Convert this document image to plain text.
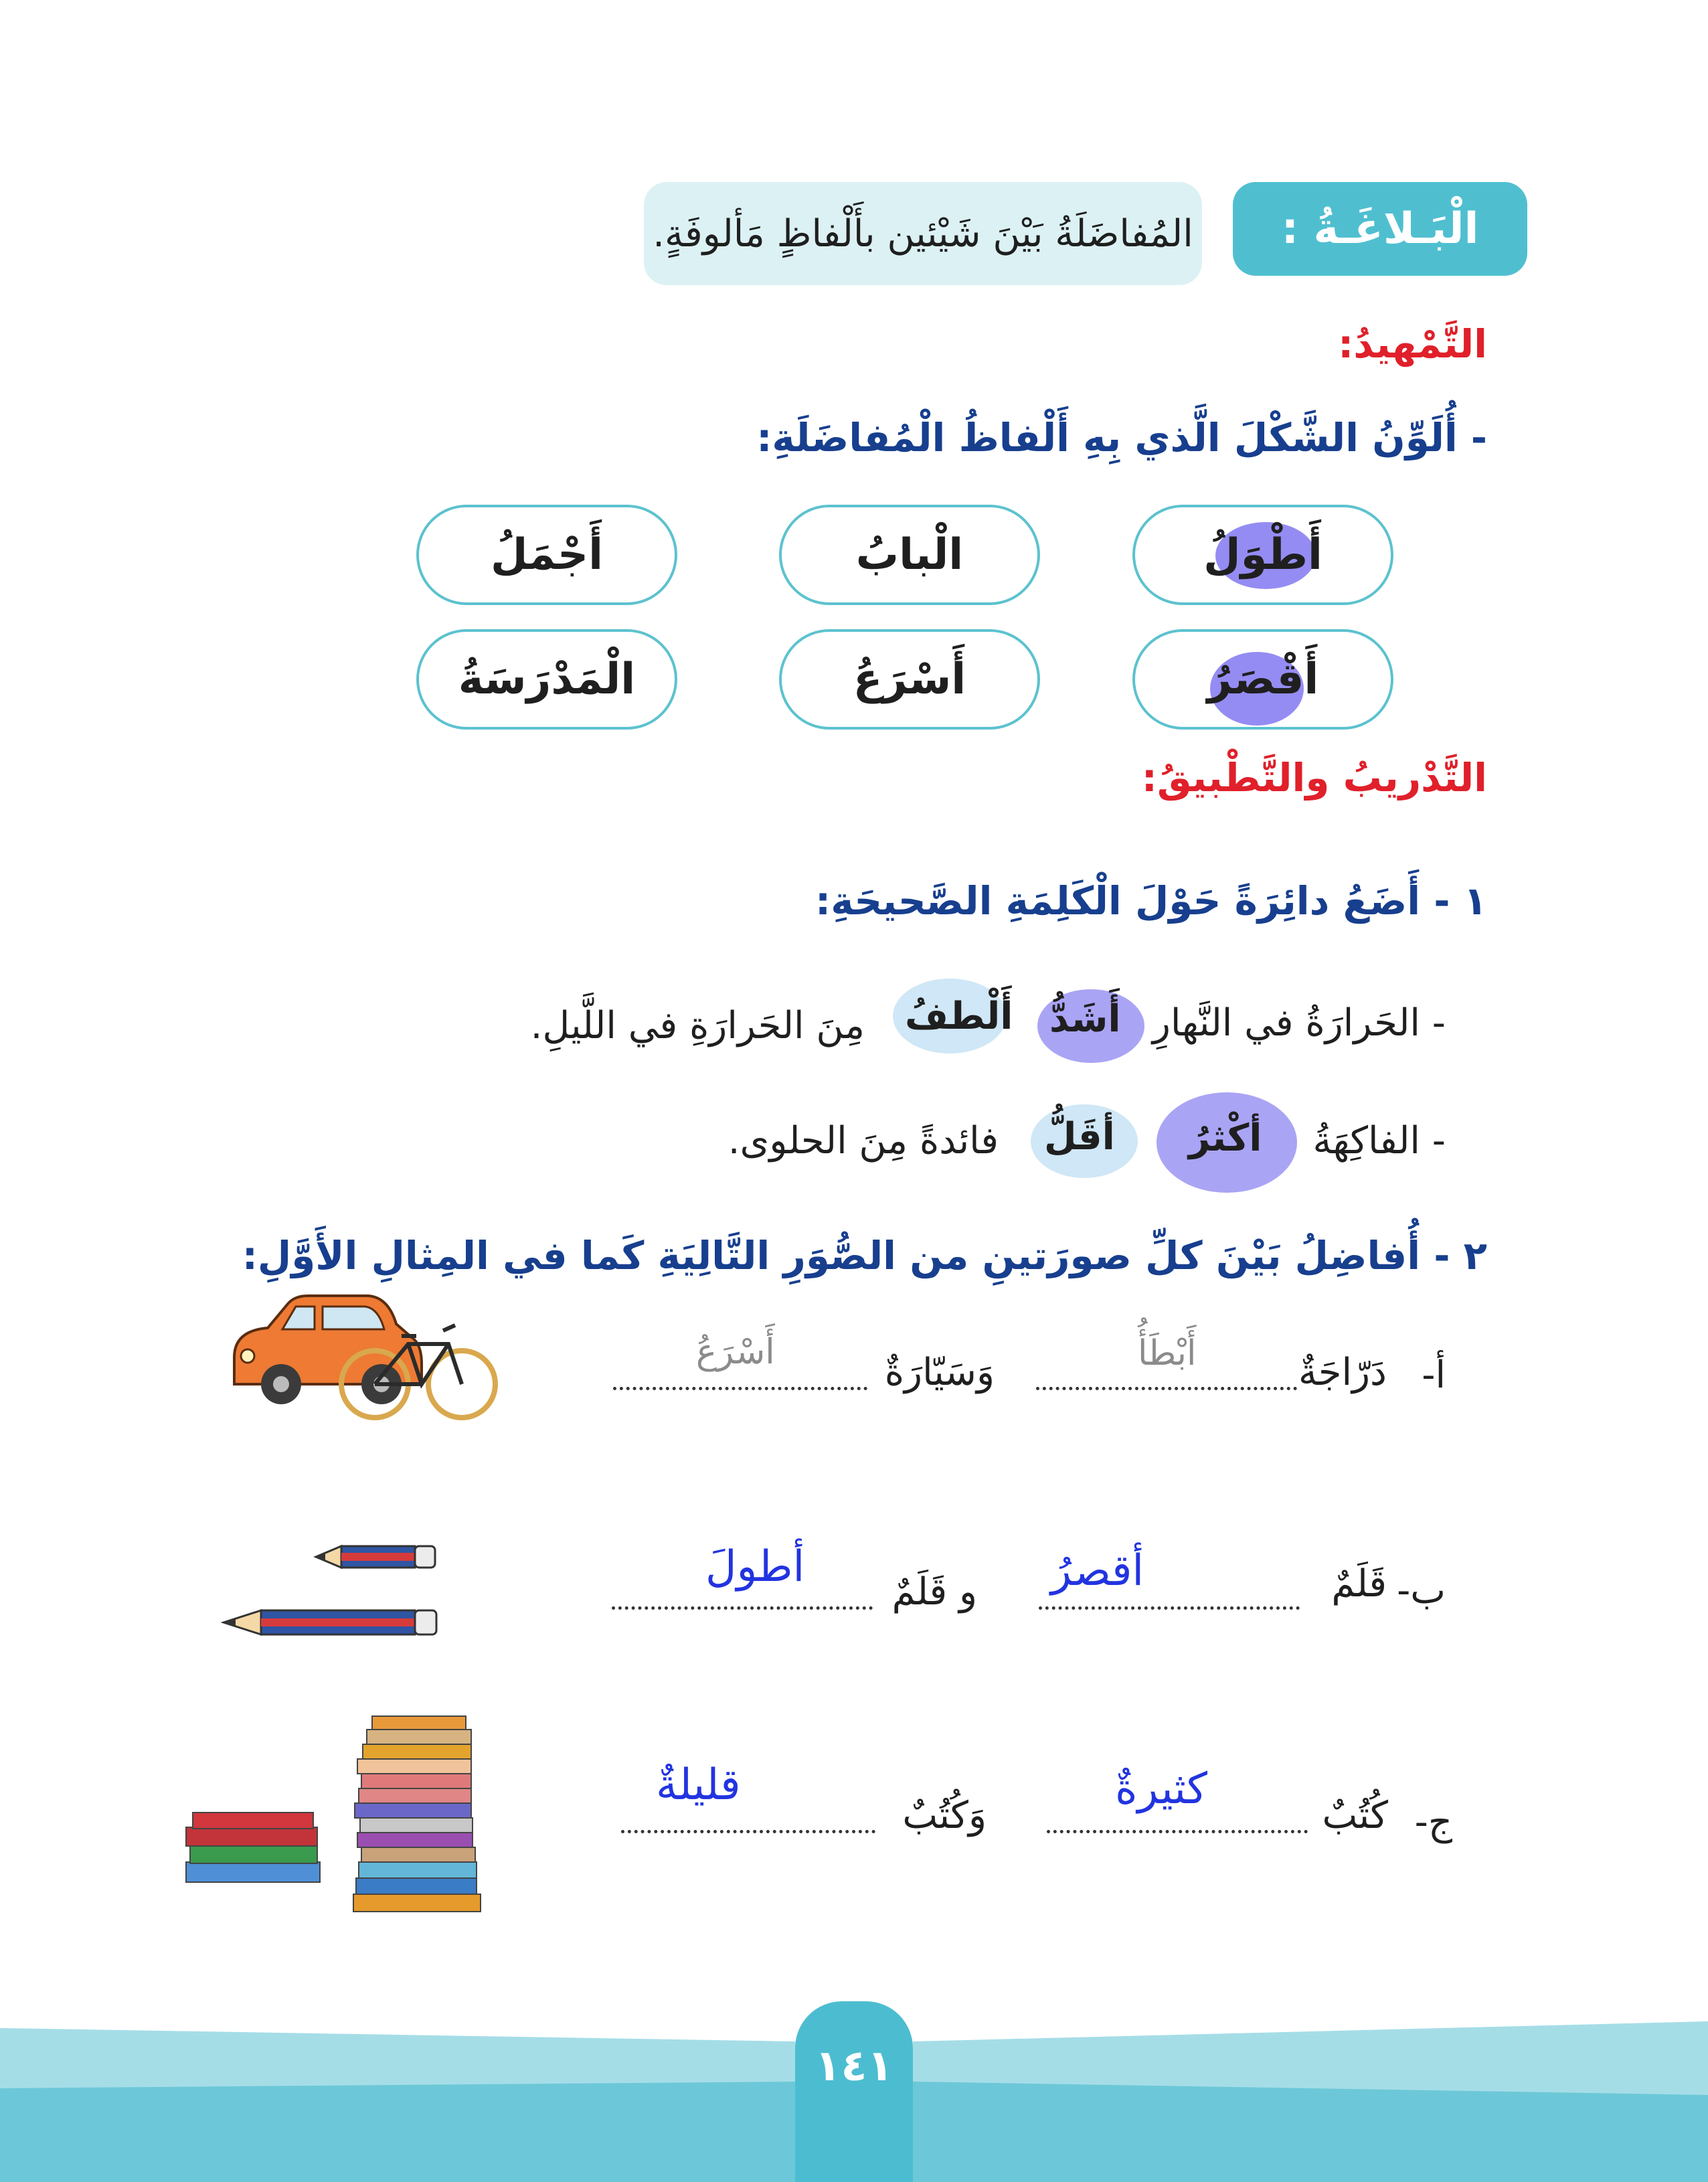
الْبَـلاغَـةُ :
المُفاضَلَةُ بَيْنَ شَيْئين بأَلْفاظٍ مَألوفَةٍ.
التَّمْهيدُ:
- أُلَوِّنُ الشَّكْلَ الَّذي بِهِ أَلْفاظُ الْمُفاضَلَةِ:
أَطْوَلُ
الْبابُ
أَجْمَلُ
أَقْصَرُ
أَسْرَعُ
الْمَدْرَسَةُ
التَّدْريبُ والتَّطْبيقُ:
١ - أَضَعُ دائِرَةً حَوْلَ الْكَلِمَةِ الصَّحيحَةِ:
- الحَرارَةُ في النَّهارِ
أَشَدُّ
أَلْطفُ
مِنَ الحَرارَةِ في اللَّيلِ.
- الفاكِهَةُ
أكْثرُ
أقَلُّ
فائدةً مِنَ الحلوى.
٢ - أُفاضِلُ بَيْنَ كلِّ صورَتينِ من الصُّوَرِ التَّالِيَةِ كَما في المِثالِ الأَوَّلِ:
أ-
دَرّاجَةٌ
أَبْطَأُ
وَسَيّارَةٌ
أَسْرَعُ
ب-
قَلَمٌ
أقصرُ
و قَلَمٌ
أطولَ
ج-
كُتُبٌ
كثيرةٌ
وَكُتُبٌ
قليلةٌ
١٤١
